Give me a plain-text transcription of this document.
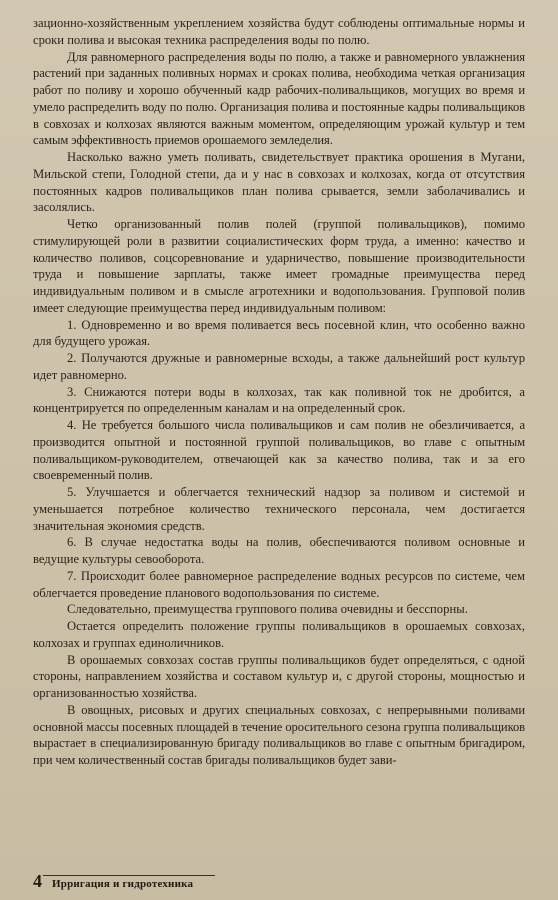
зационно-хозяйственным укреплением хозяйства будут соблюдены оптимальные нормы и сроки полива и высокая техника распределения воды по полю.

Для равномерного распределения воды по полю, а также и равномерного увлажнения растений при заданных поливных нормах и сроках полива, необходима четкая организация работ по поливу и хорошо обученный кадр рабочих-поливальщиков, могущих во время и умело распределить воду по полю. Организация полива и постоянные кадры поливальщиков в совхозах и колхозах являются важным моментом, определяющим урожай культур и тем самым эффективность приемов орошаемого земледелия.

Насколько важно уметь поливать, свидетельствует практика орошения в Мугани, Мильской степи, Голодной степи, да и у нас в совхозах и колхозах, когда от отсутствия постоянных кадров поливальщиков план полива срывается, земли заболачивались и засолялись.

Четко организованный полив полей (группой поливальщиков), помимо стимулирующей роли в развитии социалистических форм труда, а именно: качество и количество поливов, соцсоревнование и ударничество, повышение производительности труда и повышение зарплаты, также имеет громадные преимущества перед индивидуальным поливом и в смысле агротехники и водопользования. Групповой полив имеет следующие преимущества перед индивидуальным поливом:

1. Одновременно и во время поливается весь посевной клин, что особенно важно для будущего урожая.

2. Получаются дружные и равномерные всходы, а также дальнейший рост культур идет равномерно.

3. Снижаются потери воды в колхозах, так как поливной ток не дробится, а концентрируется по определенным каналам и на определенный срок.

4. Не требуется большого числа поливальщиков и сам полив не обезличивается, а производится опытной и постоянной группой поливальщиков, во главе с опытным поливальщиком-руководителем, отвечающей как за качество полива, так и за его своевременный полив.

5. Улучшается и облегчается технический надзор за поливом и системой и уменьшается потребное количество технического персонала, чем достигается значительная экономия средств.

6. В случае недостатка воды на полив, обеспечиваются поливом основные и ведущие культуры севооборота.

7. Происходит более равномерное распределение водных ресурсов по системе, чем облегчается проведение планового водопользования по системе.

Следовательно, преимущества группового полива очевидны и бесспорны.

Остается определить положение группы поливальщиков в орошаемых совхозах, колхозах и группах единоличников.

В орошаемых совхозах состав группы поливальщиков будет определяться, с одной стороны, направлением хозяйства и составом культур и, с другой стороны, мощностью и организованностью хозяйства.

В овощных, рисовых и других специальных совхозах, с непрерывными поливами основной массы посевных площадей в течение оросительного сезона группа поливальщиков вырастает в специализированную бригаду поливальщиков во главе с опытным бригадиром, при чем количественный состав бригады поливальщиков будет зави-

4 Ирригация и гидротехника
